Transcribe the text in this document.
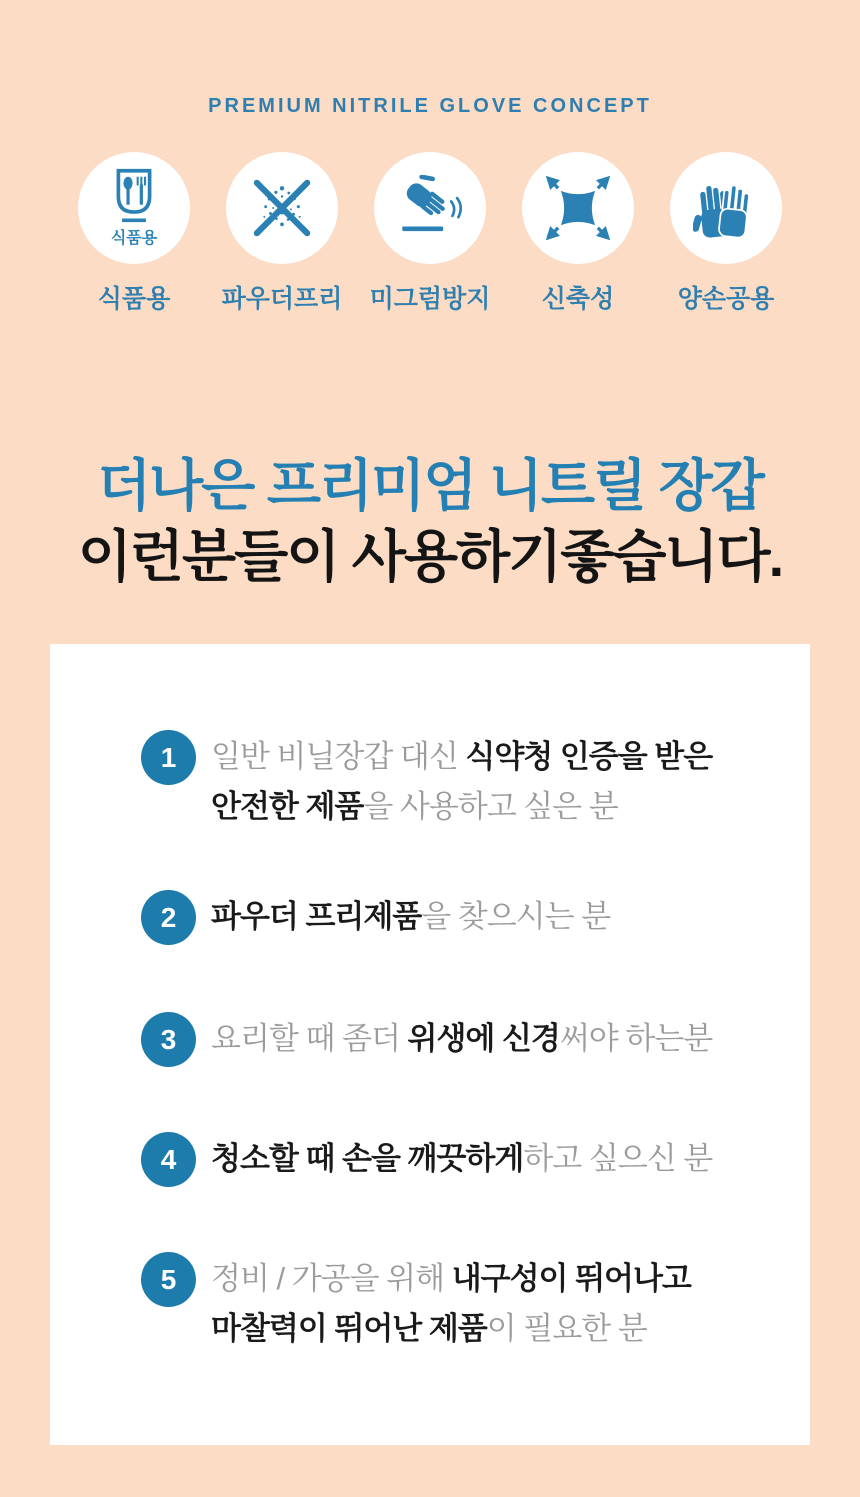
PREMIUM NITRILE GLOVE CONCEPT
식품용
식품용 파우더프리 미그럼방지 신축성	양손공용
더나은 프리미엄 니트릴 장갑
이런분들이 사용하기좋습니다.
1	일반 비닐장갑 대신 식약청 인증을 받은
안전한 제품을 사용하고 싶은 분
2	파우더 프리제품을 찾으시는 분
3	요리할 때 좀더 위생에 신경써야 하는분
4	청소할 때 손을 깨끗하게하고 싶으신 분
5	정비 / 가공을 위해 내구성이 뛰어나고
마찰력이 뛰어난 제품이 필요한 분
